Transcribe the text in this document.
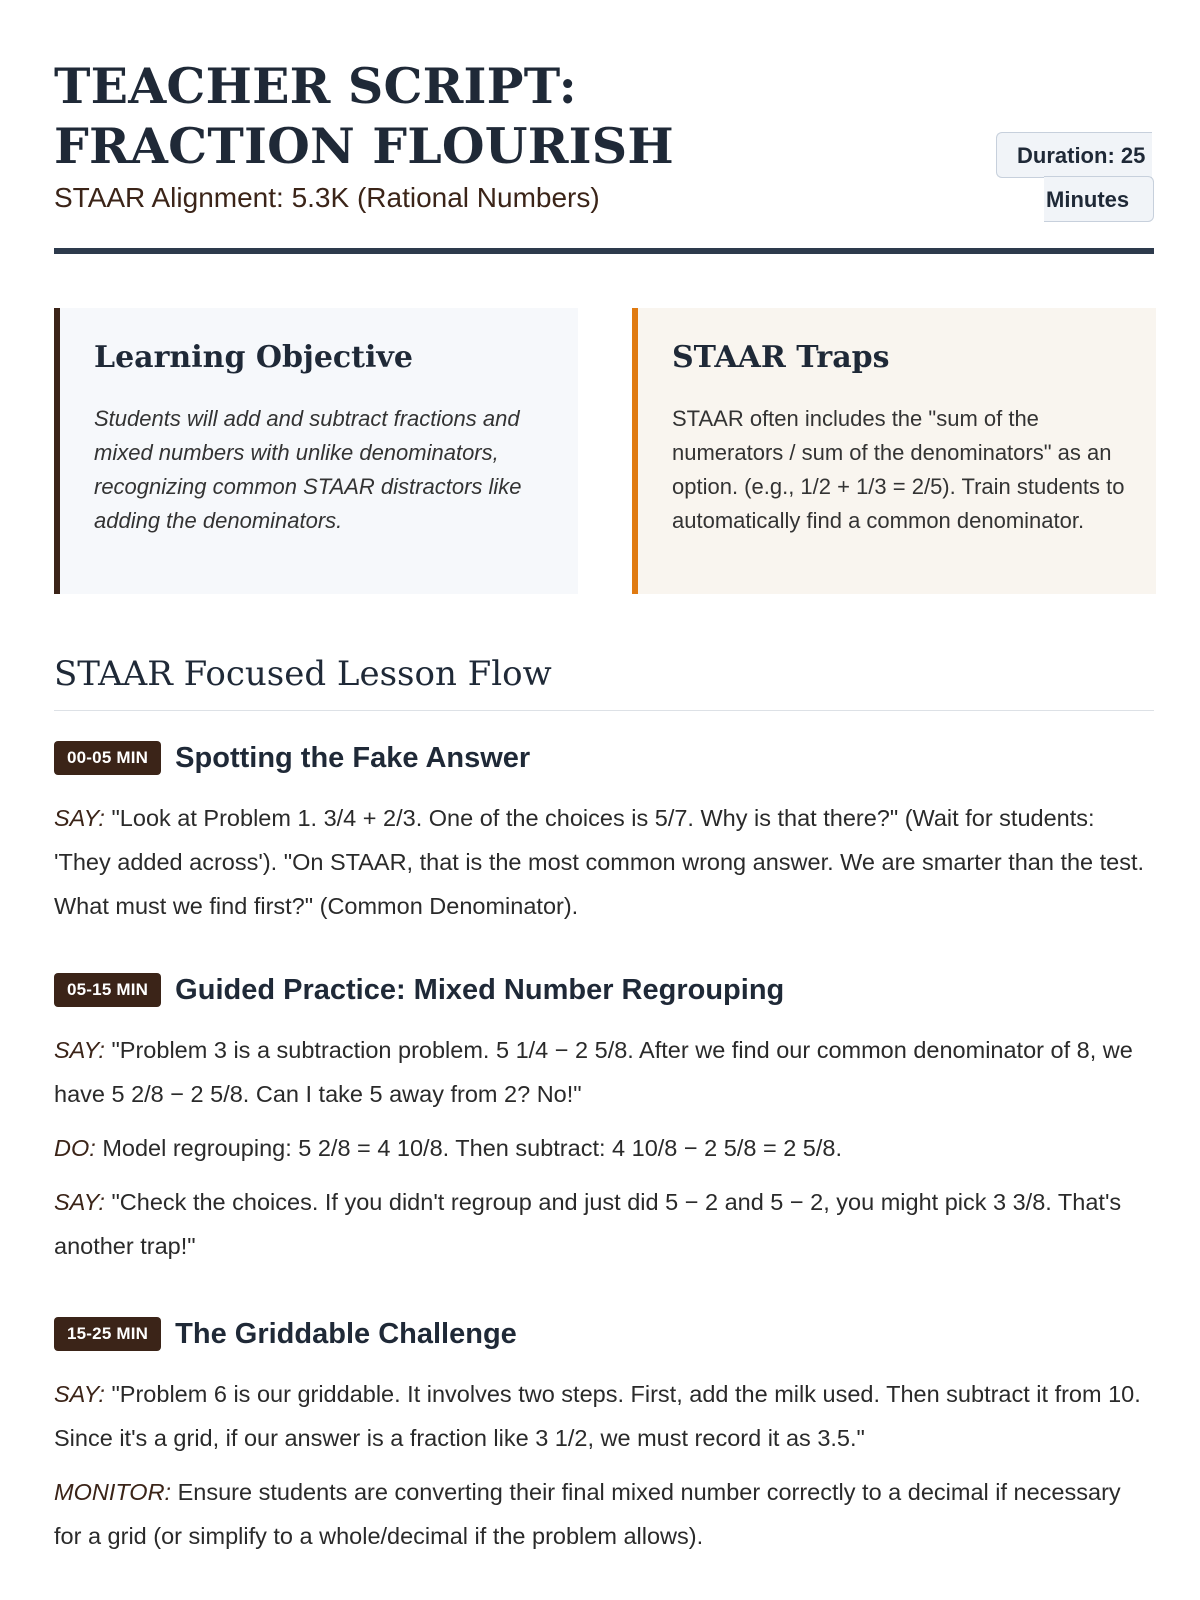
TEACHER SCRIPT: FRACTION FLOURISH
STAAR Alignment: 5.3K (Rational Numbers)
Duration: 25
Minutes
Learning Objective

Students will add and subtract fractions and mixed numbers with unlike denominators, recognizing common STAAR distractors like adding the denominators.

STAAR Traps

STAAR often includes the "sum of the numerators / sum of the denominators" as an option. (e.g., 1/2 + 1/3 = 2/5). Train students to automatically find a common denominator.

STAAR Focused Lesson Flow
00-05 MIN Spotting the Fake Answer

SAY: "Look at Problem 1. 3/4 + 2/3. One of the choices is 5/7. Why is that there?" (Wait for students: 'They added across'). "On STAAR, that is the most common wrong answer. We are smarter than the test. What must we find first?" (Common Denominator).

05-15 MIN Guided Practice: Mixed Number Regrouping

SAY: "Problem 3 is a subtraction problem. 5 1/4 − 2 5/8. After we find our common denominator of 8, we have 5 2/8 − 2 5/8. Can I take 5 away from 2? No!"

DO: Model regrouping: 5 2/8 = 4 10/8. Then subtract: 4 10/8 − 2 5/8 = 2 5/8.

SAY: "Check the choices. If you didn't regroup and just did 5 − 2 and 5 − 2, you might pick 3 3/8. That's another trap!"

15-25 MIN The Griddable Challenge

SAY: "Problem 6 is our griddable. It involves two steps. First, add the milk used. Then subtract it from 10. Since it's a grid, if our answer is a fraction like 3 1/2, we must record it as 3.5."

MONITOR: Ensure students are converting their final mixed number correctly to a decimal if necessary for a grid (or simplify to a whole/decimal if the problem allows).
